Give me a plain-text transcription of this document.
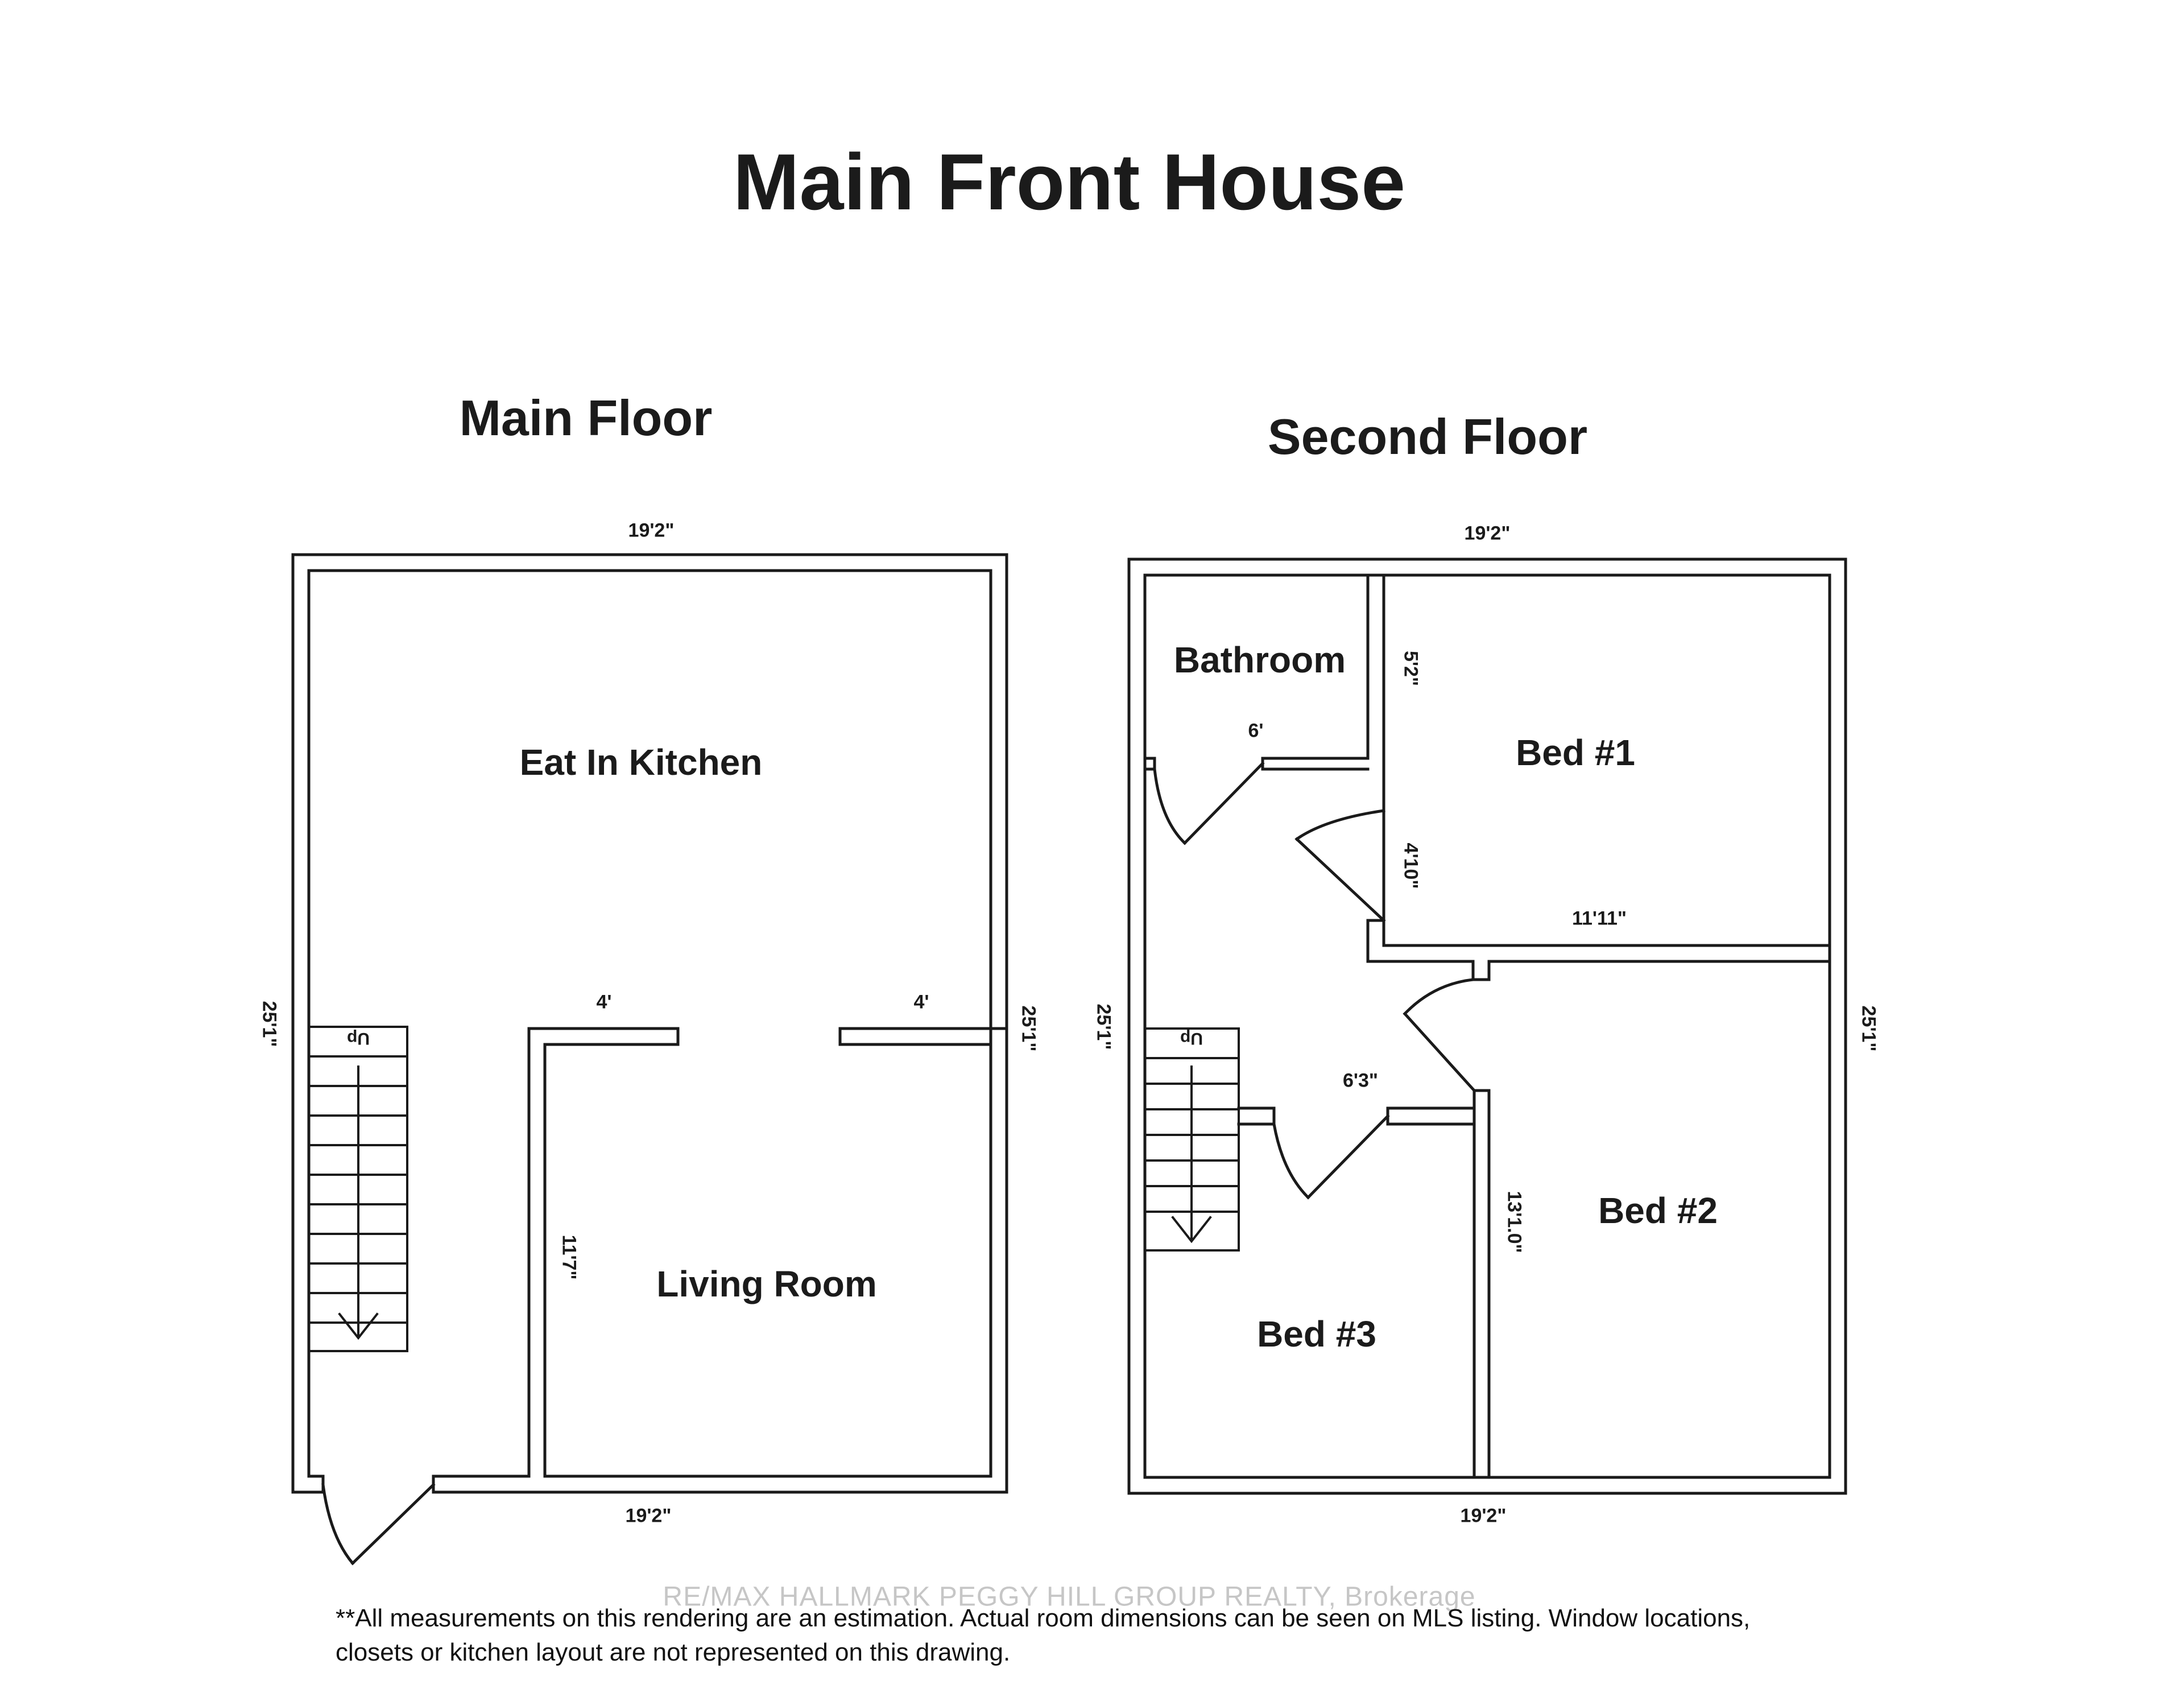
Main Front House
Main Floor	Second Floor
Eat In Kitchen
Living Room
19'2"
19'2"
25'1"	25'1"
4'	4'
11'7"
Up
Bathroom
Bed #1
Bed #2
Bed #3
19'2"
19'2"
25'1"	25'1"
6'
5'2"
4'10"
11'11"
6'3"
13'1.0"
Up
RE/MAX HALLMARK PEGGY HILL GROUP REALTY, Brokerage

**All measurements on this rendering are an estimation. Actual room dimensions can be seen on MLS listing. Window locations, closets or kitchen layout are not represented on this drawing.
